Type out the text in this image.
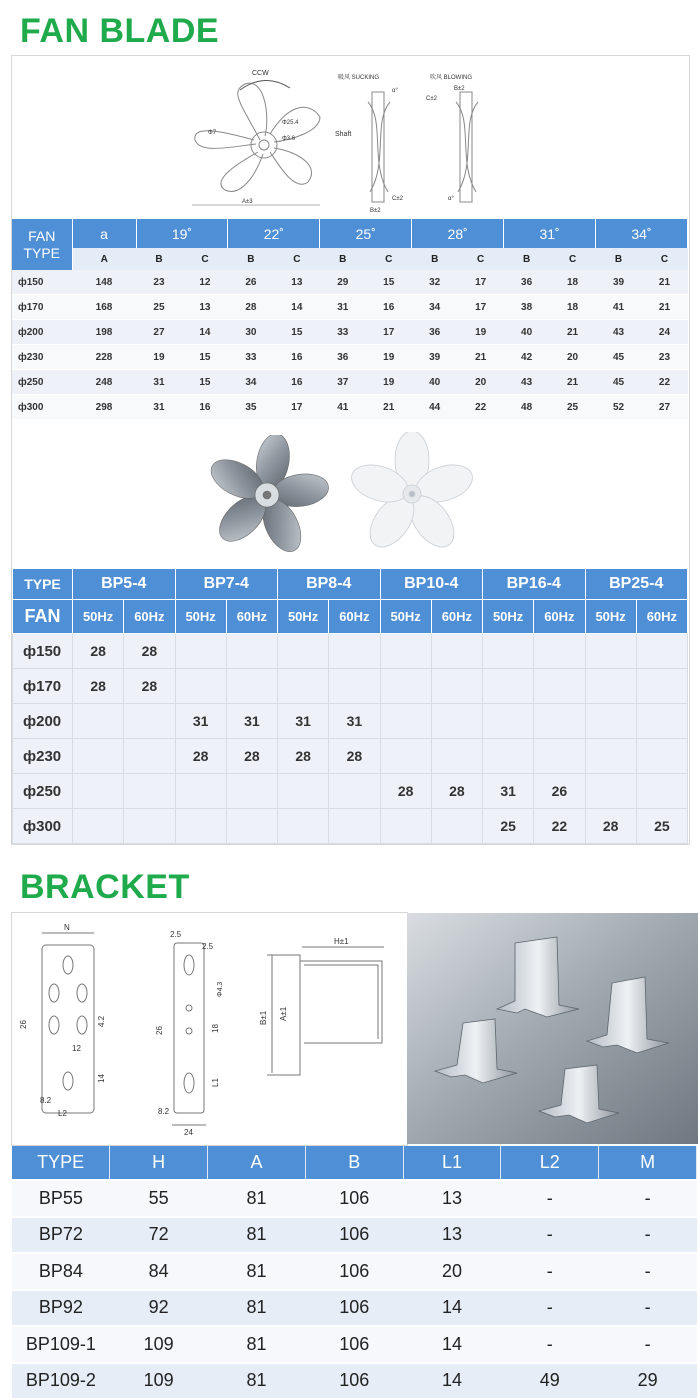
FAN BLADE
CCW
Φ7
Φ25.4
Φ3.6
A±3
吸风 SUCKING	吹风 BLOWING
Shaft
α°
C±2
B±2
C±2
B±2
α°
FAN
TYPE	a	19˚		22˚		25˚		28˚		31˚		34˚	
	A	B	C	B	C	B	C	B	C	B	C	B	C
ф150	148	23	12	26	13	29	15	32	17	36	18	39	21
ф170	168	25	13	28	14	31	16	34	17	38	18	41	21
ф200	198	27	14	30	15	33	17	36	19	40	21	43	24
ф230	228	19	15	33	16	36	19	39	21	42	20	45	23
ф250	248	31	15	34	16	37	19	40	20	43	21	45	22
ф300	298	31	16	35	17	41	21	44	22	48	25	52	27
TYPE	BP5-4		BP7-4		BP8-4		BP10-4		BP16-4		BP25-4	
FAN	50Hz	60Hz	50Hz	60Hz	50Hz	60Hz	50Hz	60Hz	50Hz	60Hz	50Hz	60Hz
ф150	28	28										
ф170	28	28										
ф200			31	31	31	31						
ф230			28	28	28	28						
ф250							28	28	31	26		
ф300									25	22	28	25
BRACKET
N
26	4.2
12
14
8.2
L2
2.5
2.5
Φ4.3
26	18
L1
8.2
24
H±1
B±1 A±1
TYPE	H	A	B	L1	L2	M
BP55	55	81	106	13	-	-
BP72	72	81	106	13	-	-
BP84	84	81	106	20	-	-
BP92	92	81	106	14	-	-
BP109-1	109	81	106	14	-	-
BP109-2	109	81	106	14	49	29
